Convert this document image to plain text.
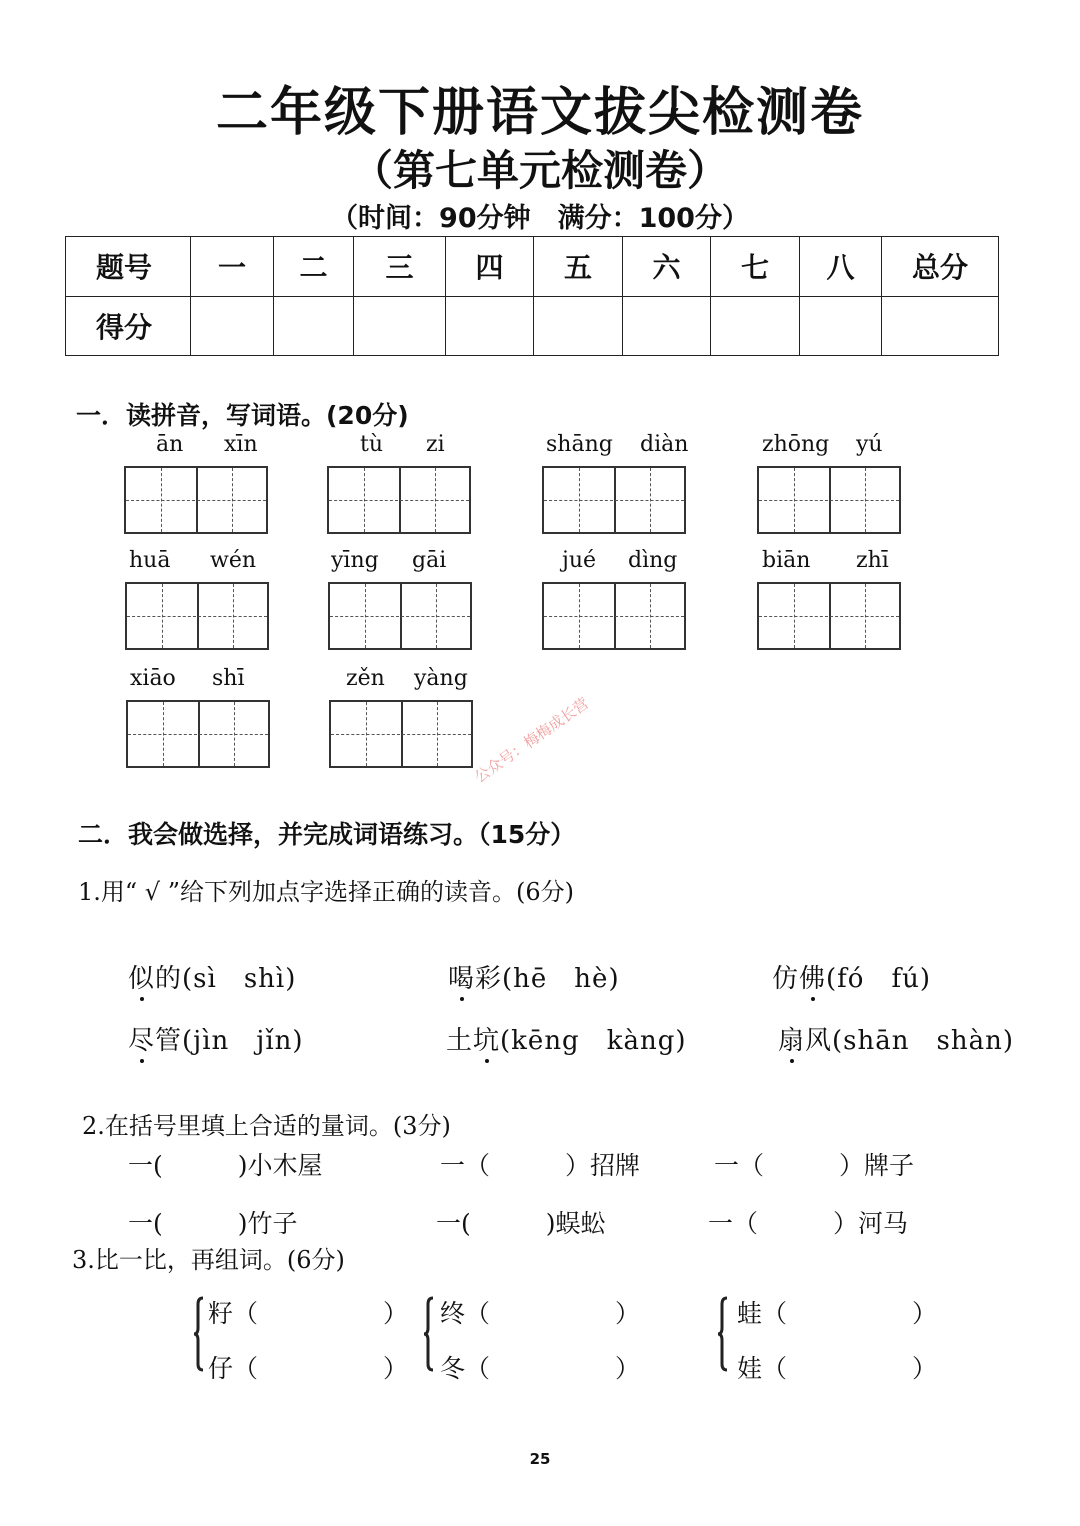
二年级下册语文拔尖检测卷
（第七单元检测卷）
（时间：90分钟　满分：100分）
题号	一	二	三	四	五	六	七	八	总分
得分									
一．读拼音，写词语。(20分)
ān xīn	tù zi	shāng diàn	zhōng yú
huā wén	yīng gāi	jué dìng	biān zhī
xiāo shī	zěn yàng
公众号：梅梅成长营
二．我会做选择，并完成词语练习。（15分）
1.用“ √ ”给下列加点字选择正确的读音。(6分)
似的(sì　shì)	喝彩(hē　hè)	仿佛(fó　fú)
尽管(jìn　jǐn)	土坑(kēng　kàng)	扇风(shān　shàn)
2.在括号里填上合适的量词。(3分)
一(　　　)小木屋	一（　　　）招牌	一（　　　）牌子
一(　　　)竹子	一(　　　)蜈蚣	一（　　　）河马
3.比一比，再组词。(6分)
籽（　　　　　）
仔（　　　　　）
终（　　　　　）
冬（　　　　　）
蛙（　　　　　）
娃（　　　　　）
25
